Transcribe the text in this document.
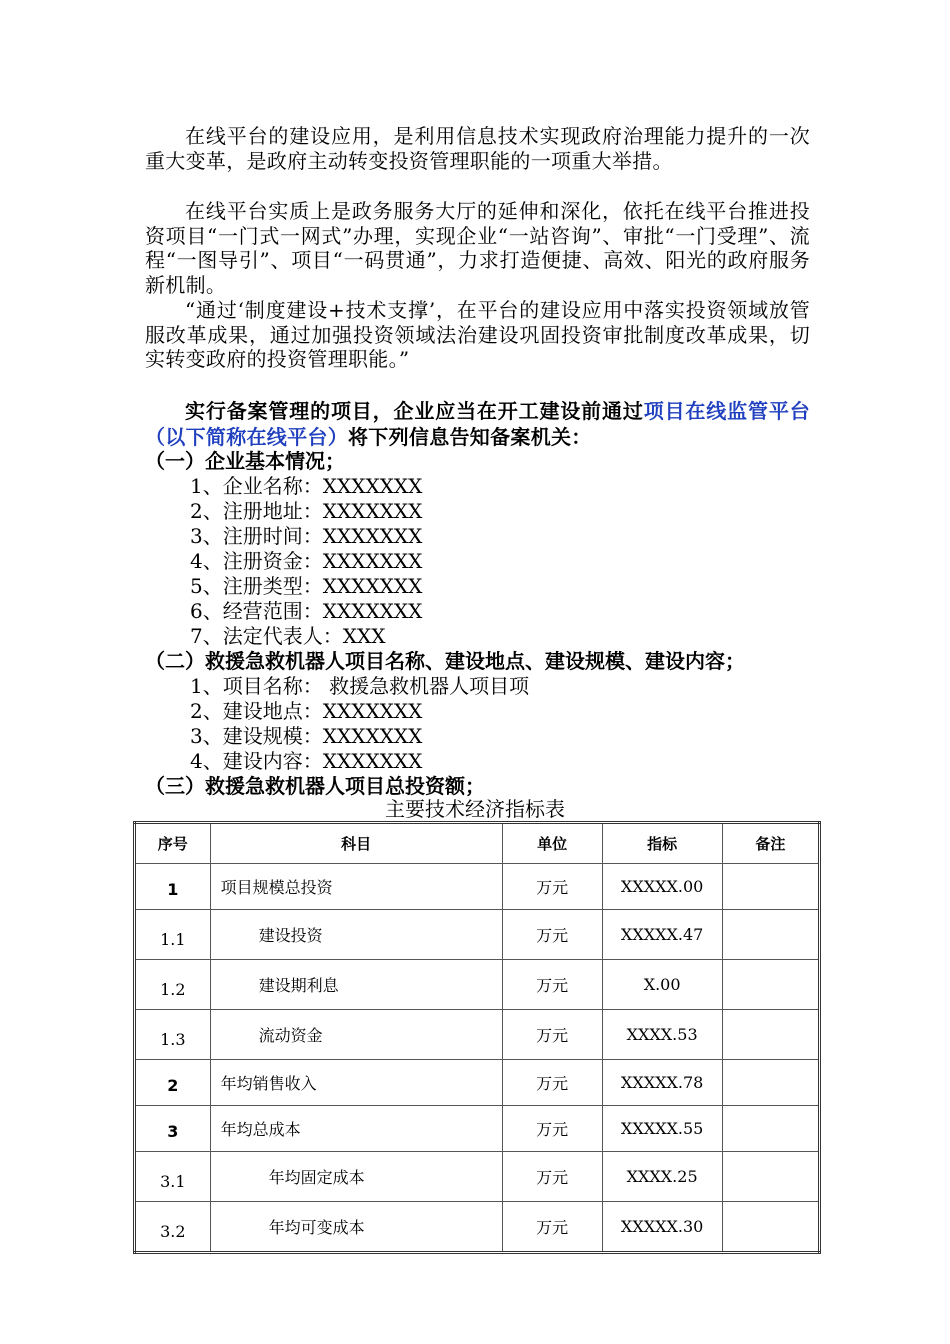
在线平台的建设应用，是利用信息技术实现政府治理能力提升的一次重大变革，是政府主动转变投资管理职能的一项重大举措。

在线平台实质上是政务服务大厅的延伸和深化，依托在线平台推进投资项目“一门式一网式”办理，实现企业“一站咨询”、审批“一门受理”、流程“一图导引”、项目“一码贯通”，力求打造便捷、高效、阳光的政府服务新机制。

“通过‘制度建设+技术支撑’，在平台的建设应用中落实投资领域放管服改革成果，通过加强投资领域法治建设巩固投资审批制度改革成果，切实转变政府的投资管理职能。”

实行备案管理的项目，企业应当在开工建设前通过项目在线监管平台（以下简称在线平台）将下列信息告知备案机关：

（一）企业基本情况；
1、企业名称：XXXXXXX
2、注册地址：XXXXXXX
3、注册时间：XXXXXXX
4、注册资金：XXXXXXX
5、注册类型：XXXXXXX
6、经营范围：XXXXXXX
7、法定代表人：XXX
（二）救援急救机器人项目名称、建设地点、建设规模、建设内容；
1、项目名称： 救援急救机器人项目项
2、建设地点：XXXXXXX
3、建设规模：XXXXXXX
4、建设内容：XXXXXXX
（三）救援急救机器人项目总投资额；
主要技术经济指标表
序号	科目	单位	指标	备注
1	项目规模总投资	万元	XXXXX.00	
1.1	建设投资	万元	XXXXX.47	
1.2	建设期利息	万元	X.00	
1.3	流动资金	万元	XXXX.53	
2	年均销售收入	万元	XXXXX.78	
3	年均总成本	万元	XXXXX.55	
3.1	年均固定成本	万元	XXXX.25	
3.2	年均可变成本	万元	XXXXX.30	
